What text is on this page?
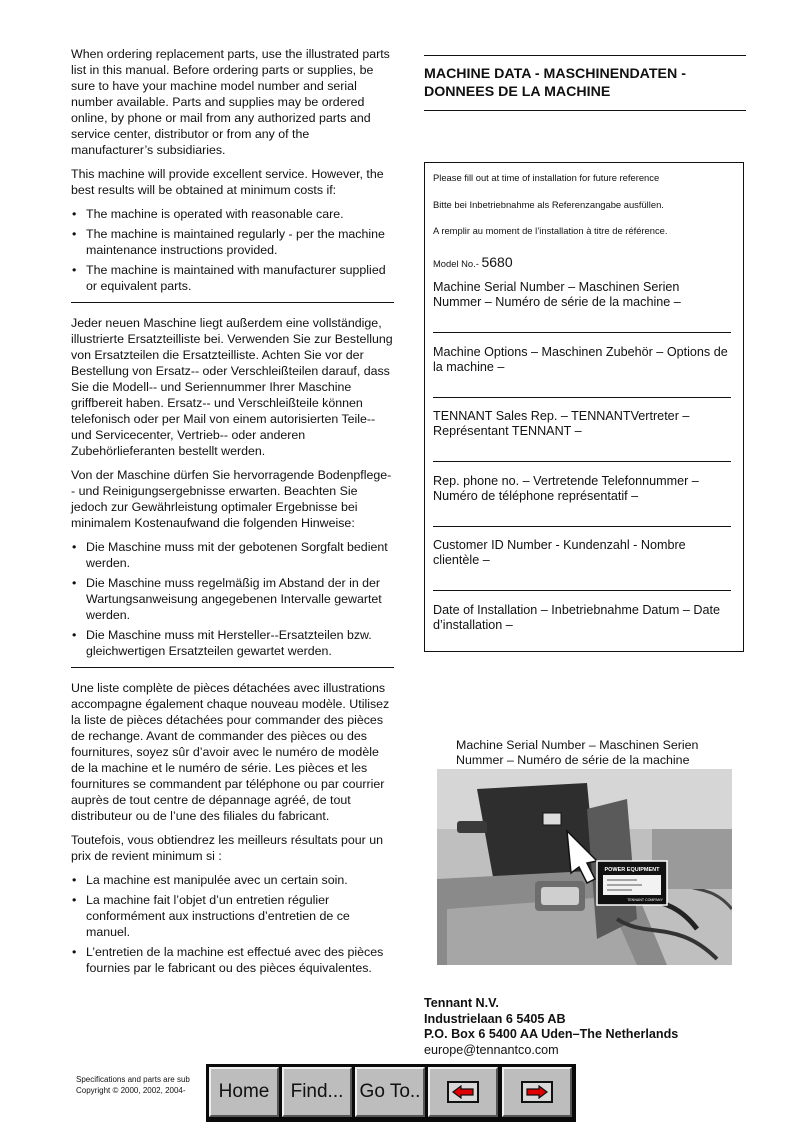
When ordering replacement parts, use the illustrated parts list in this manual. Before ordering parts or supplies, be sure to have your machine model number and serial number available. Parts and supplies may be ordered online, by phone or mail from any authorized parts and service center, distributor or from any of the manufacturer’s subsidiaries.

This machine will provide excellent service. However, the best results will be obtained at minimum costs if:

• The machine is operated with reasonable care.
• The machine is maintained regularly - per the machine maintenance instructions provided.
• The machine is maintained with manufacturer supplied or equivalent parts.

Jeder neuen Maschine liegt außerdem eine vollständige, illustrierte Ersatzteilliste bei. Verwenden Sie zur Bestellung von Ersatzteilen die Ersatzteilliste. Achten Sie vor der Bestellung von Ersatz-- oder Verschleißteilen darauf, dass Sie die Modell-- und Seriennummer Ihrer Maschine griffbereit haben. Ersatz-- und Verschleißteile können telefonisch oder per Mail von einem autorisierten Teile-- und Servicecenter, Vertrieb-- oder anderen Zubehörlieferanten bestellt werden.

Von der Maschine dürfen Sie hervorragende Bodenpflege-- und Reinigungsergebnisse erwarten. Beachten Sie jedoch zur Gewährleistung optimaler Ergebnisse bei minimalem Kostenaufwand die folgenden Hinweise:

• Die Maschine muss mit der gebotenen Sorgfalt bedient werden.
• Die Maschine muss regelmäßig im Abstand der in der Wartungsanweisung angegebenen Intervalle gewartet werden.
• Die Maschine muss mit Hersteller--Ersatzteilen bzw. gleichwertigen Ersatzteilen gewartet werden.

Une liste complète de pièces détachées avec illustrations accompagne également chaque nouveau modèle. Utilisez la liste de pièces détachées pour commander des pièces de rechange. Avant de commander des pièces ou des fournitures, soyez sûr d’avoir avec le numéro de modèle de la machine et le numéro de série. Les pièces et les fournitures se commandent par téléphone ou par courrier auprès de tout centre de dépannage agréé, de tout distributeur ou de l’une des filiales du fabricant.

Toutefois, vous obtiendrez les meilleurs résultats pour un prix de revient minimum si :

• La machine est manipulée avec un certain soin.
• La machine fait l’objet d’un entretien régulier conformément aux instructions d’entretien de ce manuel.
• L’entretien de la machine est effectué avec des pièces fournies par le fabricant ou des pièces équivalentes.
MACHINE DATA - MASCHINENDATEN -
DONNEES DE LA MACHINE
Please fill out at time of installation for future reference
Bitte bei Inbetriebnahme als Referenzangabe ausfüllen.
A remplir au moment de l’installation à titre de référence.
Model No.- 5680
Machine Serial Number – Maschinen Serien Nummer – Numéro de série de la machine –
Machine Options – Maschinen Zubehör – Options de la machine –
TENNANT Sales Rep. – TENNANTVertreter – Représentant TENNANT –
Rep. phone no. – Vertretende Telefonnummer – Numéro de téléphone représentatif –
Customer ID Number - Kundenzahl - Nombre clientèle –
Date of Installation – Inbetriebnahme Datum – Date d’installation –
Machine Serial Number – Maschinen Serien Nummer – Numéro de série de la machine
POWER EQUIPMENT
TENNANT COMPANY
Tennant N.V.
Industrielaan 6 5405 AB
P.O. Box 6 5400 AA Uden–The Netherlands
europe@tennantco.com
Specifications and parts are sub
Copyright © 2000, 2002, 2004-	Home	Find... Go To..
